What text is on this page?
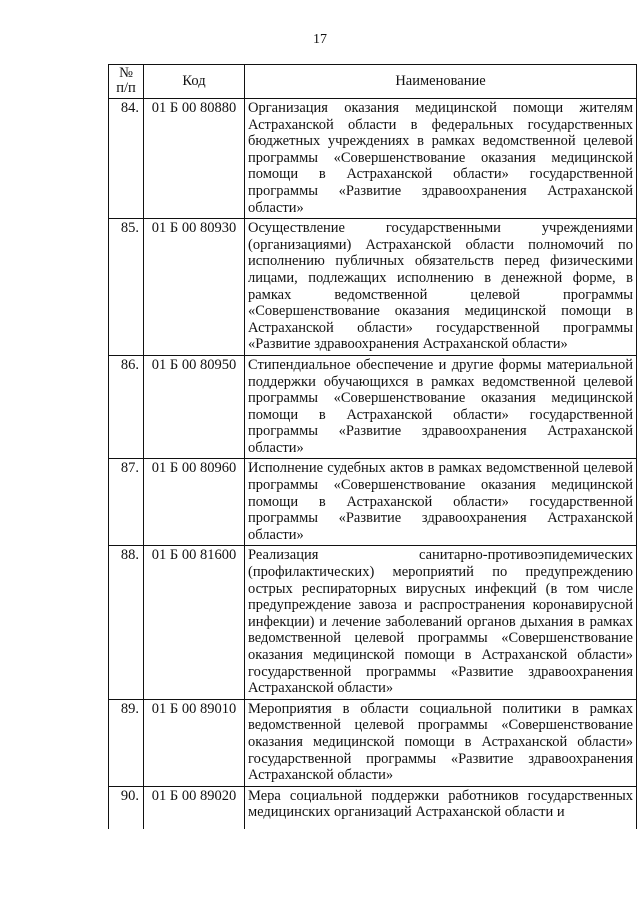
17
№ п/п	Код	Наименование
84.	01 Б 00 80880	Организация оказания медицинской помощи жителям Астраханской области в федеральных государственных бюджетных учреждениях в рамках ведомственной целевой программы «Совершенствование оказания медицинской помощи в Астраханской области» государственной программы «Развитие здравоохранения Астраханской области»
85.	01 Б 00 80930	Осуществление государственными учреждениями (организациями) Астраханской области полномочий по исполнению публичных обязательств перед физическими лицами, подлежащих исполнению в денежной форме, в рамках ведомственной целевой программы «Совершенствование оказания медицинской помощи в Астраханской области» государственной программы «Развитие здравоохранения Астраханской области»
86.	01 Б 00 80950	Стипендиальное обеспечение и другие формы материальной поддержки обучающихся в рамках ведомственной целевой программы «Совершенствование оказания медицинской помощи в Астраханской области» государственной программы «Развитие здравоохранения Астраханской области»
87.	01 Б 00 80960	Исполнение судебных актов в рамках ведомственной целевой программы «Совершенствование оказания медицинской помощи в Астраханской области» государственной программы «Развитие здравоохранения Астраханской области»
88.	01 Б 00 81600	Реализация санитарно-противоэпидемических (профилактических) мероприятий по предупреждению острых респираторных вирусных инфекций (в том числе предупреждение завоза и распространения коронавирусной инфекции) и лечение заболеваний органов дыхания в рамках ведомственной целевой программы «Совершенствование оказания медицинской помощи в Астраханской области» государственной программы «Развитие здравоохранения Астраханской области»
89.	01 Б 00 89010	Мероприятия в области социальной политики в рамках ведомственной целевой программы «Совершенствование оказания медицинской помощи в Астраханской области» государственной программы «Развитие здравоохранения Астраханской области»

90.	01 Б 00 89020	Мера социальной поддержки работников государственных медицинских организаций Астраханской области и
